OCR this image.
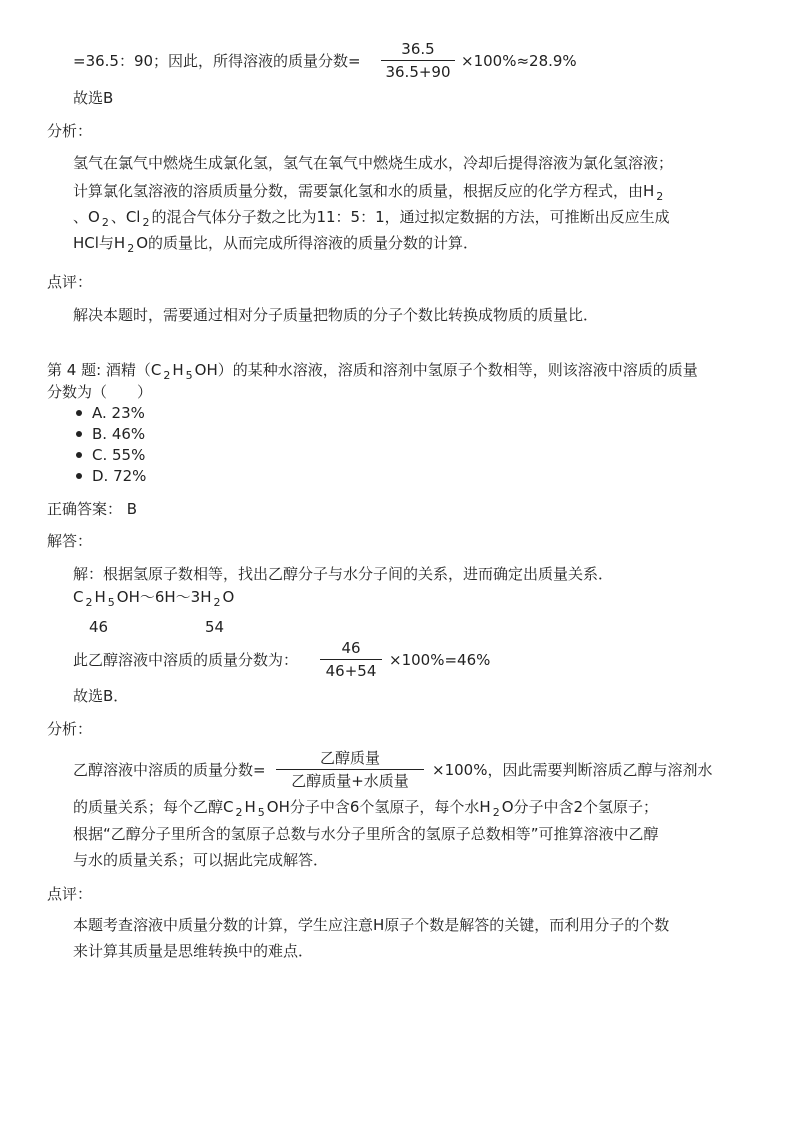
=36.5：90；因此，所得溶液的质量分数=
36.5
36.5+90
×100%≈28.9%
故选B
分析：
氢气在氯气中燃烧生成氯化氢，氢气在氧气中燃烧生成水，冷却后提得溶液为氯化氢溶液；
计算氯化氢溶液的溶质质量分数，需要氯化氢和水的质量，根据反应的化学方程式，由H $_2$
、O $_2$ 、Cl $_2$ 的混合气体分子数之比为11：5：1，通过拟定数据的方法，可推断出反应生成
HCl与H $_2$ O的质量比，从而完成所得溶液的质量分数的计算．
点评：
解决本题时，需要通过相对分子质量把物质的分子个数比转换成物质的质量比．
第 4 题: 酒精（C $_2$ H $_5$ OH）的某种水溶液，溶质和溶剂中氢原子个数相等，则该溶液中溶质的质量
分数为（　　）
A. 23%
B. 46%
C. 55%
D. 72%
正确答案： B
解答：
解：根据氢原子数相等，找出乙醇分子与水分子间的关系，进而确定出质量关系．
C $_2$ H $_5$ OH～6H～3H $_2$ O
46	54
此乙醇溶液中溶质的质量分数为：
46
46+54
×100%=46%
故选B．
分析：
乙醇溶液中溶质的质量分数=
乙醇质量
乙醇质量+水质量
×100%，因此需要判断溶质乙醇与溶剂水
的质量关系；每个乙醇C $_2$ H $_5$ OH分子中含6个氢原子，每个水H $_2$ O分子中含2个氢原子；
根据“乙醇分子里所含的氢原子总数与水分子里所含的氢原子总数相等”可推算溶液中乙醇
与水的质量关系；可以据此完成解答．
点评：
本题考查溶液中质量分数的计算，学生应注意H原子个数是解答的关键，而利用分子的个数
来计算其质量是思维转换中的难点．
